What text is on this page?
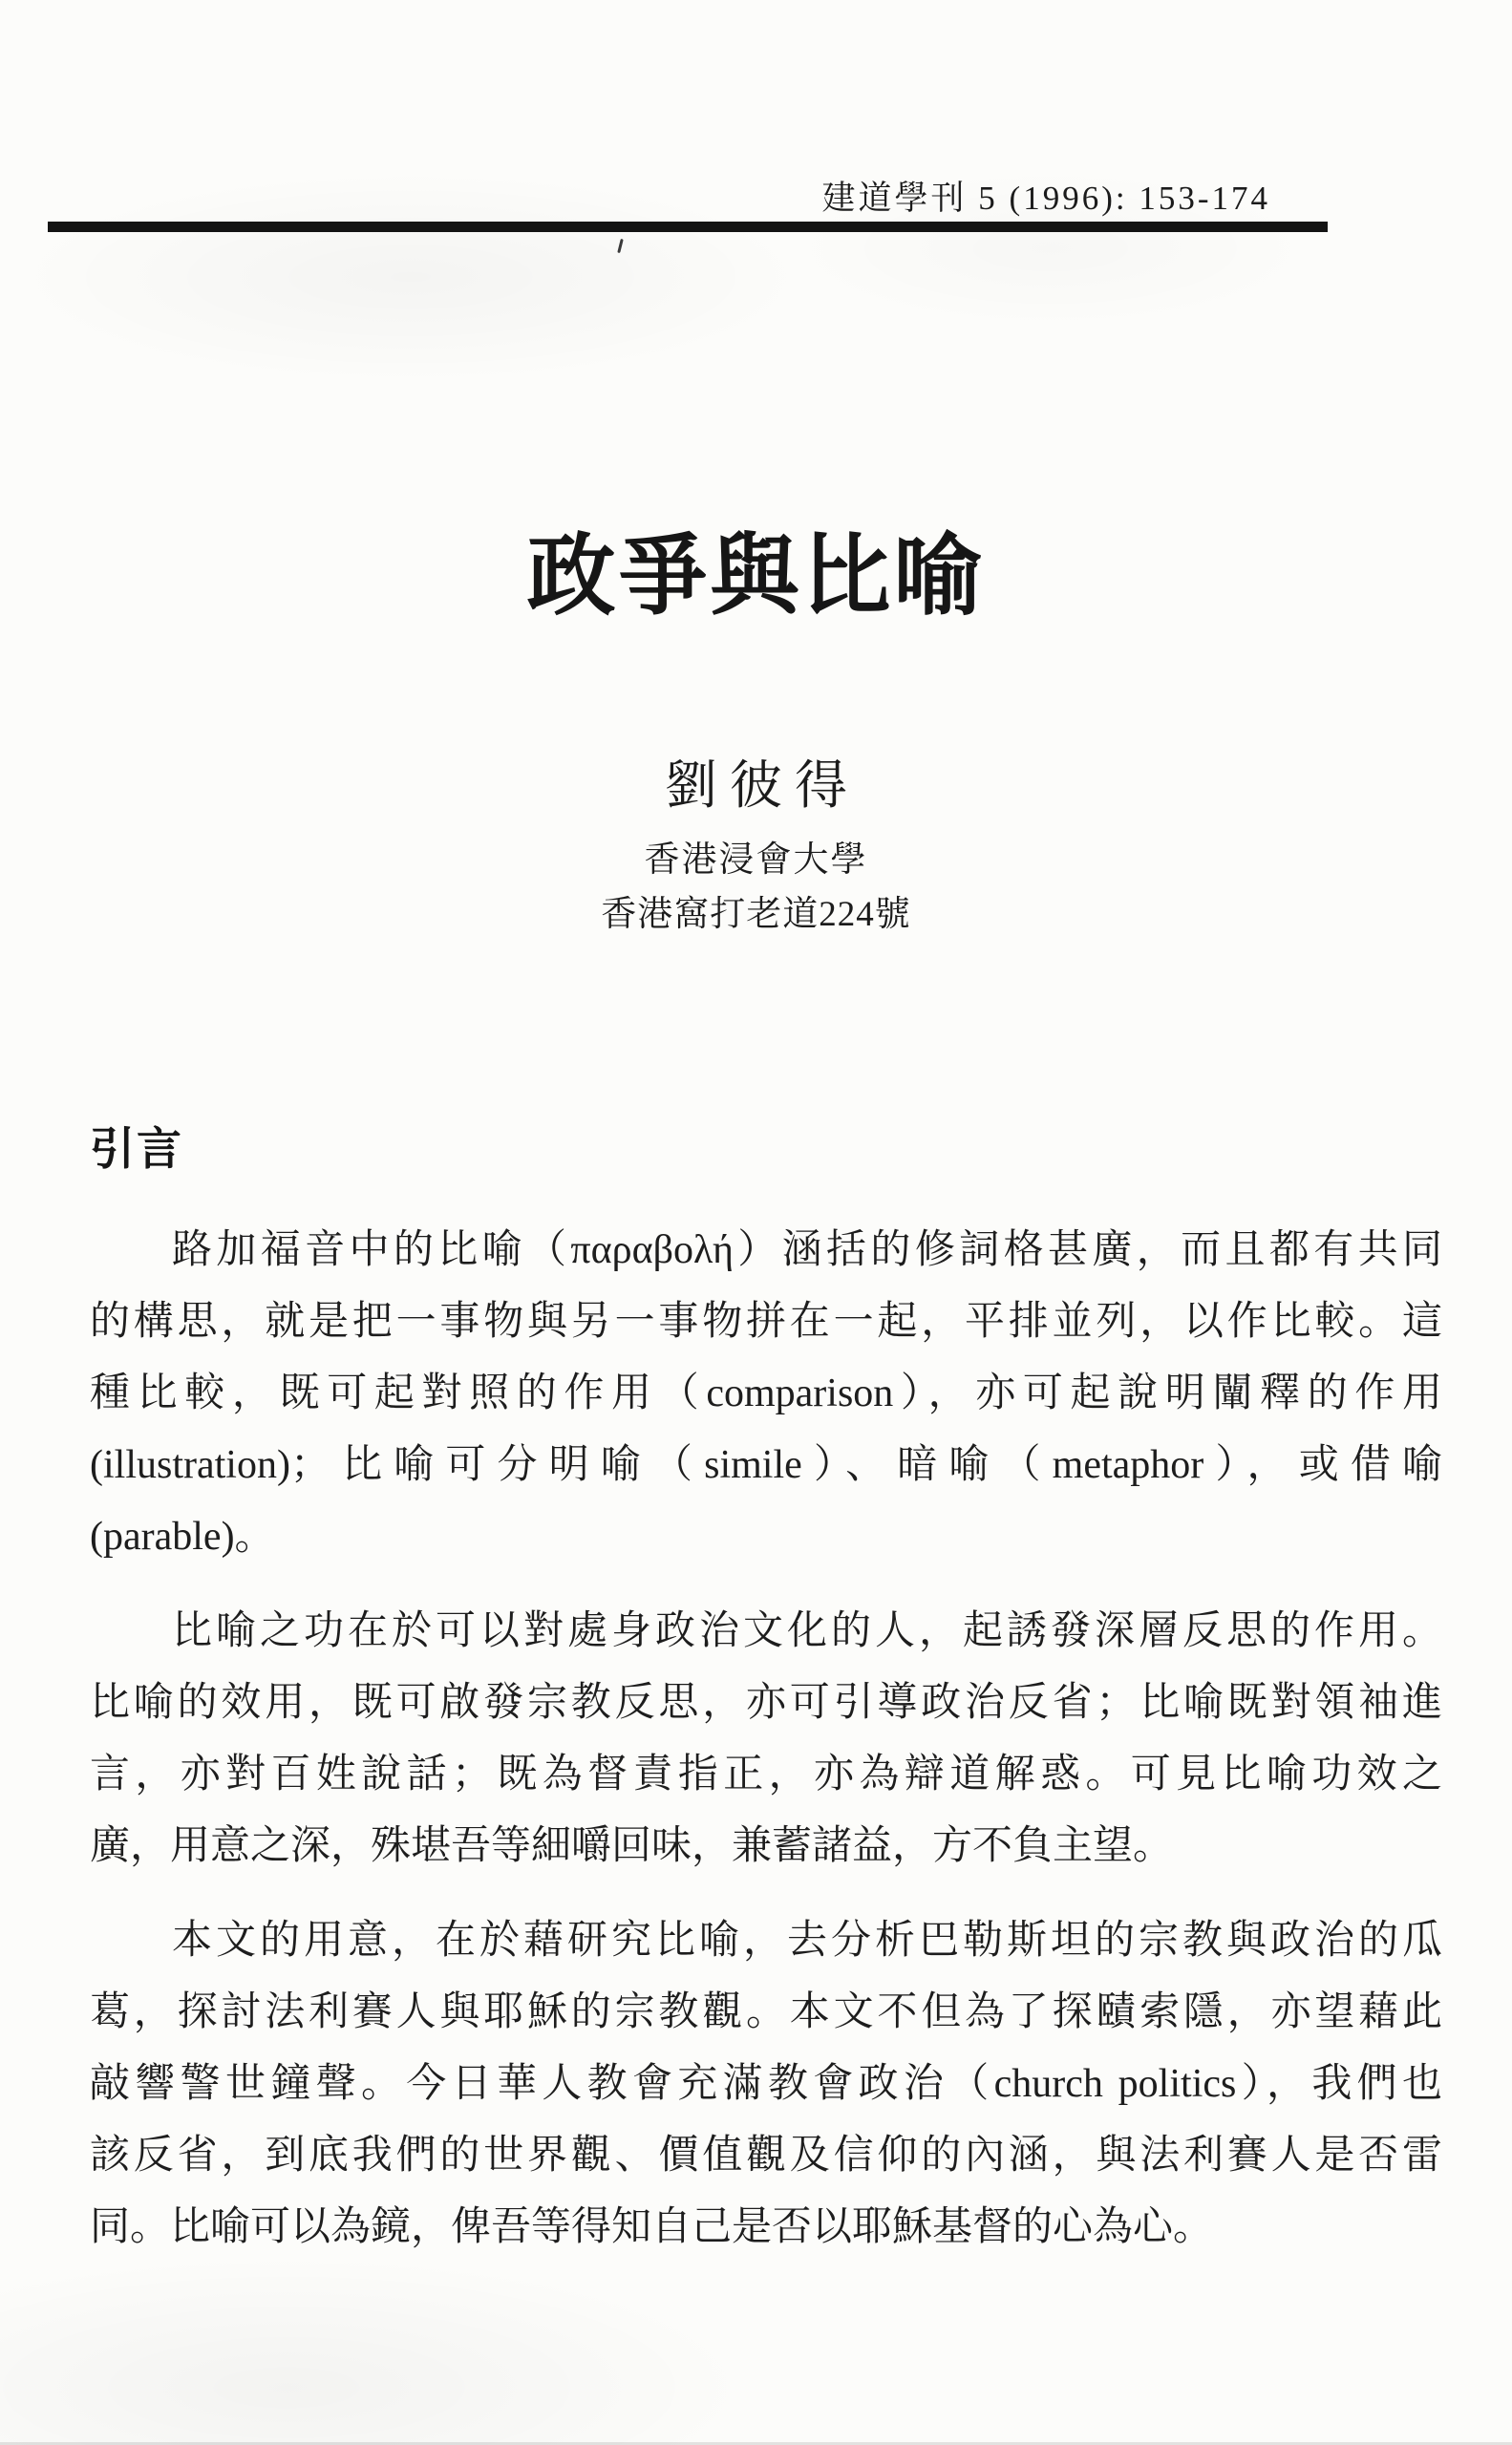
建道學刊 5 (1996): 153-174
政爭與比喻
劉彼得
香港浸會大學
香港窩打老道224號
引言
路加福音中的比喻（παραβολή）涵括的修詞格甚廣，而且都有共同
的構思，就是把一事物與另一事物拼在一起，平排並列，以作比較。這
種比較，既可起對照的作用（comparison），亦可起說明闡釋的作用
(illustration)；比喻可分明喻（simile）、暗喻（metaphor），或借喻
(parable)。
比喻之功在於可以對處身政治文化的人，起誘發深層反思的作用。
比喻的效用，既可啟發宗教反思，亦可引導政治反省；比喻既對領袖進
言，亦對百姓說話；既為督責指正，亦為辯道解惑。可見比喻功效之
廣，用意之深，殊堪吾等細嚼回味，兼蓄諸益，方不負主望。
本文的用意，在於藉研究比喻，去分析巴勒斯坦的宗教與政治的瓜
葛，探討法利賽人與耶穌的宗教觀。本文不但為了探賾索隱，亦望藉此
敲響警世鐘聲。今日華人教會充滿教會政治（church politics），我們也
該反省，到底我們的世界觀、價值觀及信仰的內涵，與法利賽人是否雷
同。比喻可以為鏡，俾吾等得知自己是否以耶穌基督的心為心。
